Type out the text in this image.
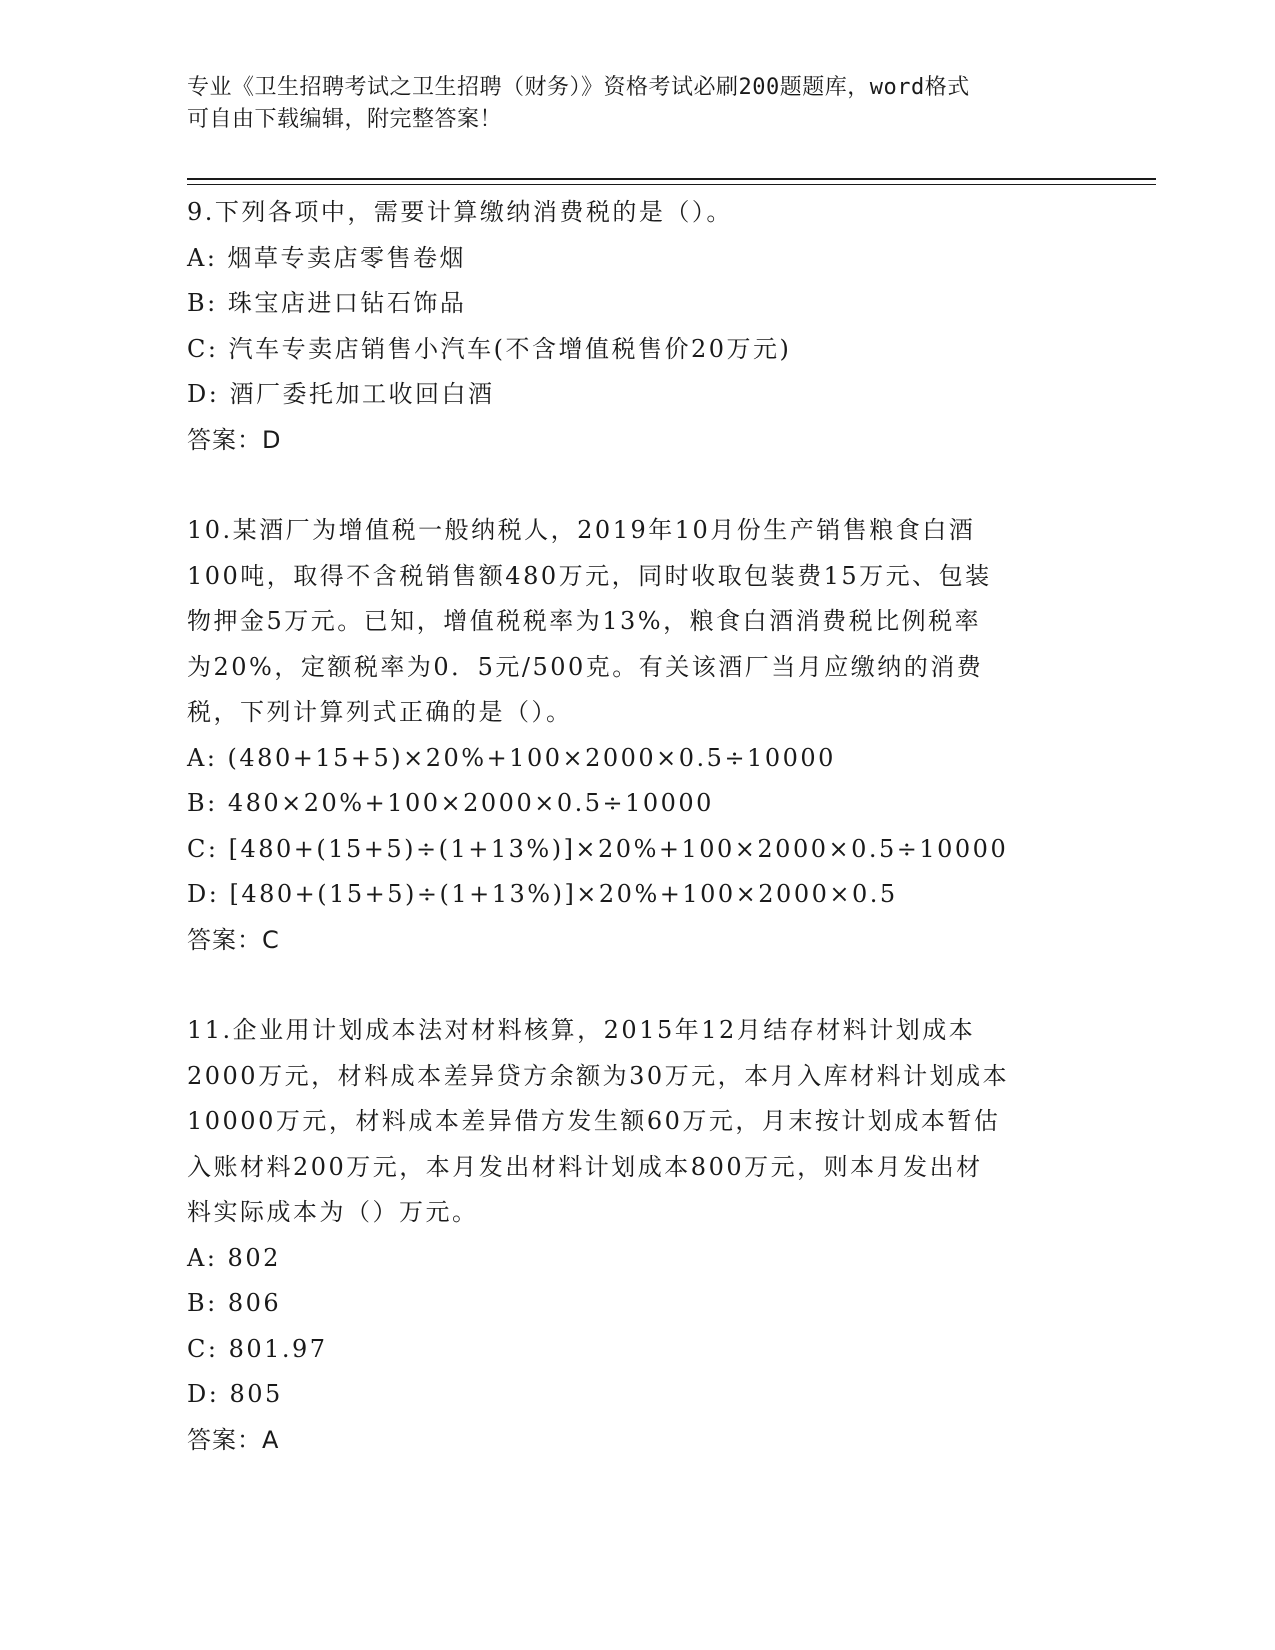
专业《卫生招聘考试之卫生招聘（财务）》资格考试必刷200题题库，word格式
可自由下载编辑，附完整答案！
9.下列各项中，需要计算缴纳消费税的是（）。
A: 烟草专卖店零售卷烟
B: 珠宝店进口钻石饰品
C: 汽车专卖店销售小汽车(不含增值税售价20万元)
D: 酒厂委托加工收回白酒
答案：D
10.某酒厂为增值税一般纳税人，2019年10月份生产销售粮食白酒
100吨，取得不含税销售额480万元，同时收取包装费15万元、包装
物押金5万元。已知，增值税税率为13%，粮食白酒消费税比例税率
为20%，定额税率为0．5元/500克。有关该酒厂当月应缴纳的消费
税，下列计算列式正确的是（）。
A: (480+15+5)×20%+100×2000×0.5÷10000
B: 480×20%+100×2000×0.5÷10000
C: [480+(15+5)÷(1+13%)]×20%+100×2000×0.5÷10000
D: [480+(15+5)÷(1+13%)]×20%+100×2000×0.5
答案：C
11.企业用计划成本法对材料核算，2015年12月结存材料计划成本
2000万元，材料成本差异贷方余额为30万元，本月入库材料计划成本
10000万元，材料成本差异借方发生额60万元，月末按计划成本暂估
入账材料200万元，本月发出材料计划成本800万元，则本月发出材
料实际成本为（）万元。
A: 802
B: 806
C: 801.97
D: 805
答案：A
